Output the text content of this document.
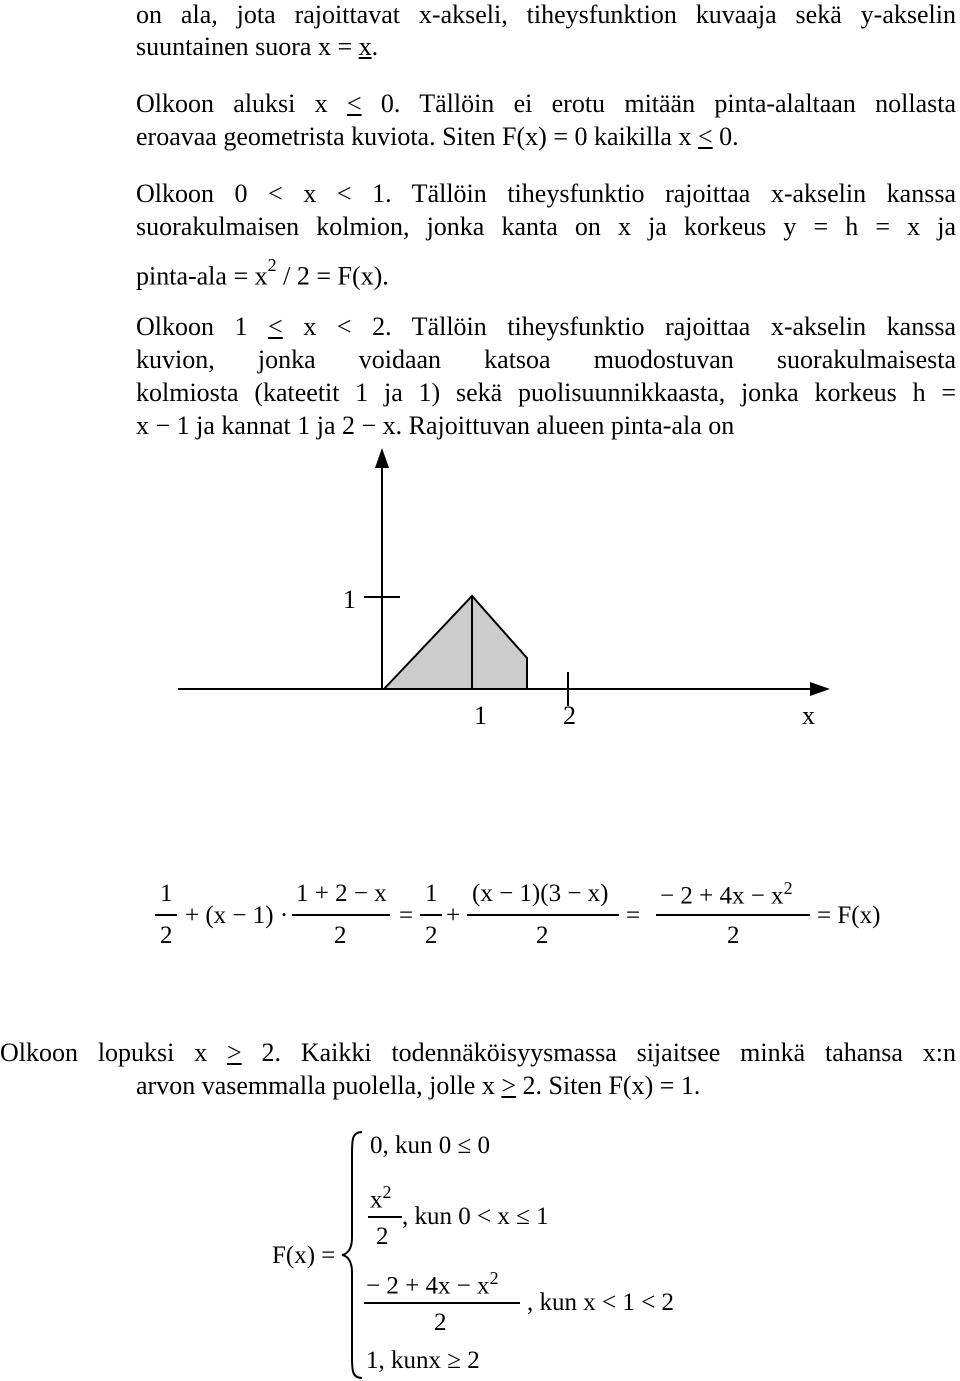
on ala, jota rajoittavat x-akseli, tiheysfunktion kuvaaja sekä y-akselin
suuntainen suora x = x.
Olkoon aluksi x < 0. Tällöin ei erotu mitään pinta-alaltaan nollasta
eroavaa geometrista kuviota. Siten F(x) = 0 kaikilla x < 0.
Olkoon 0 < x < 1. Tällöin tiheysfunktio rajoittaa x-akselin kanssa
suorakulmaisen kolmion, jonka kanta on x ja korkeus y = h = x ja
pinta-ala = $x^2 / 2 = F(x)$.
Olkoon 1 < x < 2. Tällöin tiheysfunktio rajoittaa x-akselin kanssa
kuvion, jonka voidaan katsoa muodostuvan suorakulmaisesta
kolmiosta (kateetit 1 ja 1) sekä puolisuunnikkaasta, jonka korkeus h =
x − 1 ja kannat 1 ja 2 − x. Rajoittuvan alueen pinta-ala on
1
1	2	x
1
2
+ (x − 1) ·
1 + 2 − x
2
=
1
2
+
(x − 1)(3 − x)
2
=
− $2 + 4x - x^2$
2
= F(x)
Olkoon lopuksi x > 2. Kaikki todennäköisyysmassa sijaitsee minkä tahansa x:n
arvon vasemmalla puolella, jolle x > 2. Siten F(x) = 1.
F(x) =
0, kun 0 ≤ 0
$x^2$
2
, kun 0 < x ≤ 1
− $2 + 4x - x^2$
2
, kun x < 1 < 2
1, kunx ≥ 2
